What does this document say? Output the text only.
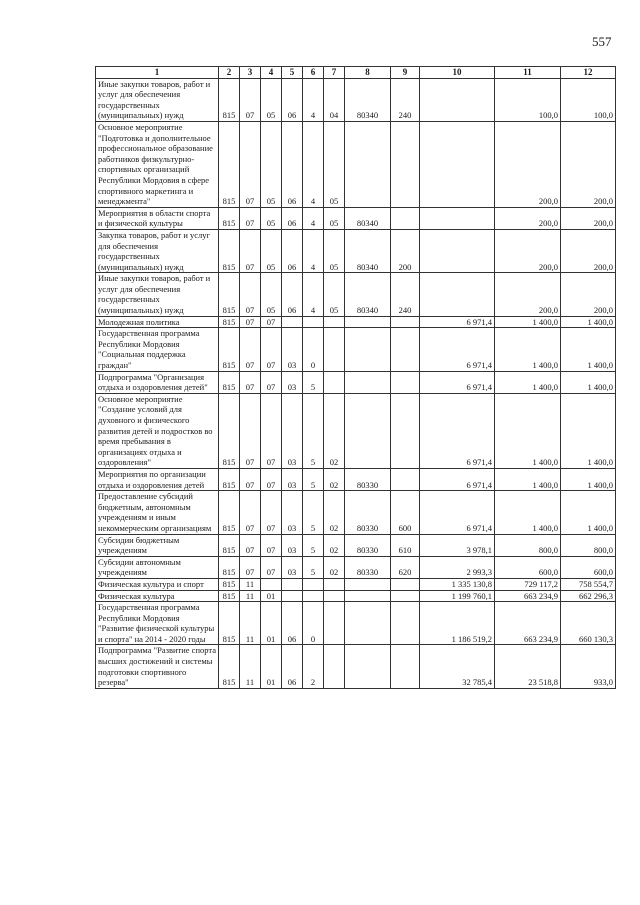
557
1	2	3	4	5	6	7	8	9	10	11	12
Иные закупки товаров, работ и услуг для обеспечения государственных (муниципальных) нужд	815	07	05	06	4	04	80340	240		100,0	100,0
Основное мероприятие "Подготовка и дополнительное профессиональное образование работников физкультурно-спортивных организаций Республики Мордовия в сфере спортивного маркетинга и менеджмента"	815	07	05	06	4	05				200,0	200,0
Мероприятия в области спорта и физической культуры	815	07	05	06	4	05	80340			200,0	200,0
Закупка товаров, работ и услуг для обеспечения государственных (муниципальных) нужд	815	07	05	06	4	05	80340	200		200,0	200,0
Иные закупки товаров, работ и услуг для обеспечения государственных (муниципальных) нужд	815	07	05	06	4	05	80340	240		200,0	200,0
Молодежная политика	815	07	07						6 971,4	1 400,0	1 400,0
Государственная программа Республики Мордовия "Социальная поддержка граждан"	815	07	07	03	0				6 971,4	1 400,0	1 400,0
Подпрограмма "Организация отдыха и оздоровления детей"	815	07	07	03	5				6 971,4	1 400,0	1 400,0
Основное мероприятие "Создание условий для духовного и физического развития детей и подростков во время пребывания в организациях отдыха и оздоровления"	815	07	07	03	5	02			6 971,4	1 400,0	1 400,0
Мероприятия по организации отдыха и оздоровления детей	815	07	07	03	5	02	80330		6 971,4	1 400,0	1 400,0
Предоставление субсидий бюджетным, автономным учреждениям и иным некоммерческим организациям	815	07	07	03	5	02	80330	600	6 971,4	1 400,0	1 400,0
Субсидии бюджетным учреждениям	815	07	07	03	5	02	80330	610	3 978,1	800,0	800,0
Субсидии автономным учреждениям	815	07	07	03	5	02	80330	620	2 993,3	600,0	600,0
Физическая культура и спорт	815	11							1 335 130,8	729 117,2	758 554,7
Физическая культура	815	11	01						1 199 760,1	663 234,9	662 296,3
Государственная программа Республики Мордовия "Развитие физической культуры и спорта" на 2014 - 2020 годы	815	11	01	06	0				1 186 519,2	663 234,9	660 130,3
Подпрограмма "Развитие спорта высших достижений и системы подготовки спортивного резерва"	815	11	01	06	2				32 785,4	23 518,8	933,0
